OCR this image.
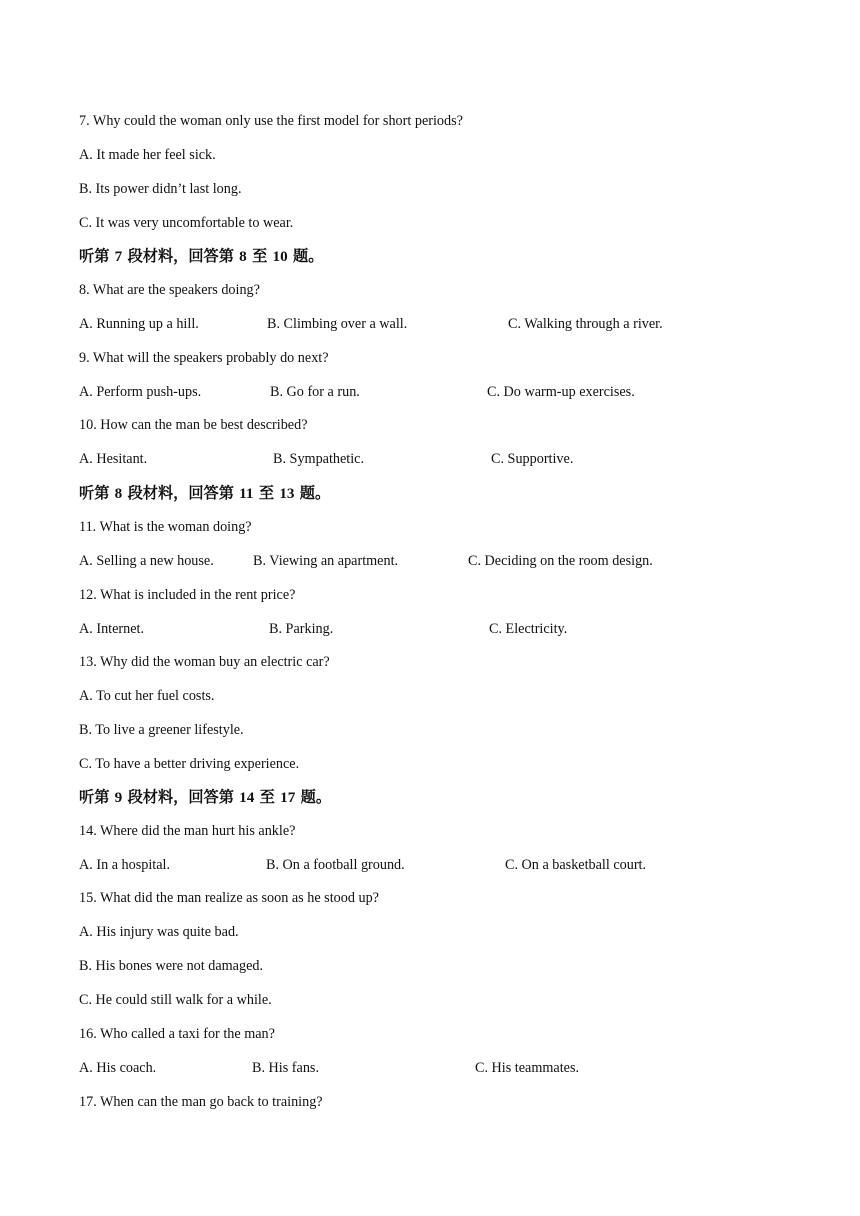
7. Why could the woman only use the first model for short periods?
A. It made her feel sick.
B. Its power didn’t last long.
C. It was very uncomfortable to wear.
听第 7 段材料，回答第 8 至 10 题。
8. What are the speakers doing?
A. Running up a hill.	B. Climbing over a wall.	C. Walking through a river.
9. What will the speakers probably do next?
A. Perform push-ups.	B. Go for a run.	C. Do warm-up exercises.
10. How can the man be best described?
A. Hesitant.	B. Sympathetic.	C. Supportive.
听第 8 段材料，回答第 11 至 13 题。
11. What is the woman doing?
A. Selling a new house.	B. Viewing an apartment.	C. Deciding on the room design.
12. What is included in the rent price?
A. Internet.	B. Parking.	C. Electricity.
13. Why did the woman buy an electric car?
A. To cut her fuel costs.
B. To live a greener lifestyle.
C. To have a better driving experience.
听第 9 段材料，回答第 14 至 17 题。
14. Where did the man hurt his ankle?
A. In a hospital.	B. On a football ground.	C. On a basketball court.
15. What did the man realize as soon as he stood up?
A. His injury was quite bad.
B. His bones were not damaged.
C. He could still walk for a while.
16. Who called a taxi for the man?
A. His coach.	B. His fans.	C. His teammates.
17. When can the man go back to training?
